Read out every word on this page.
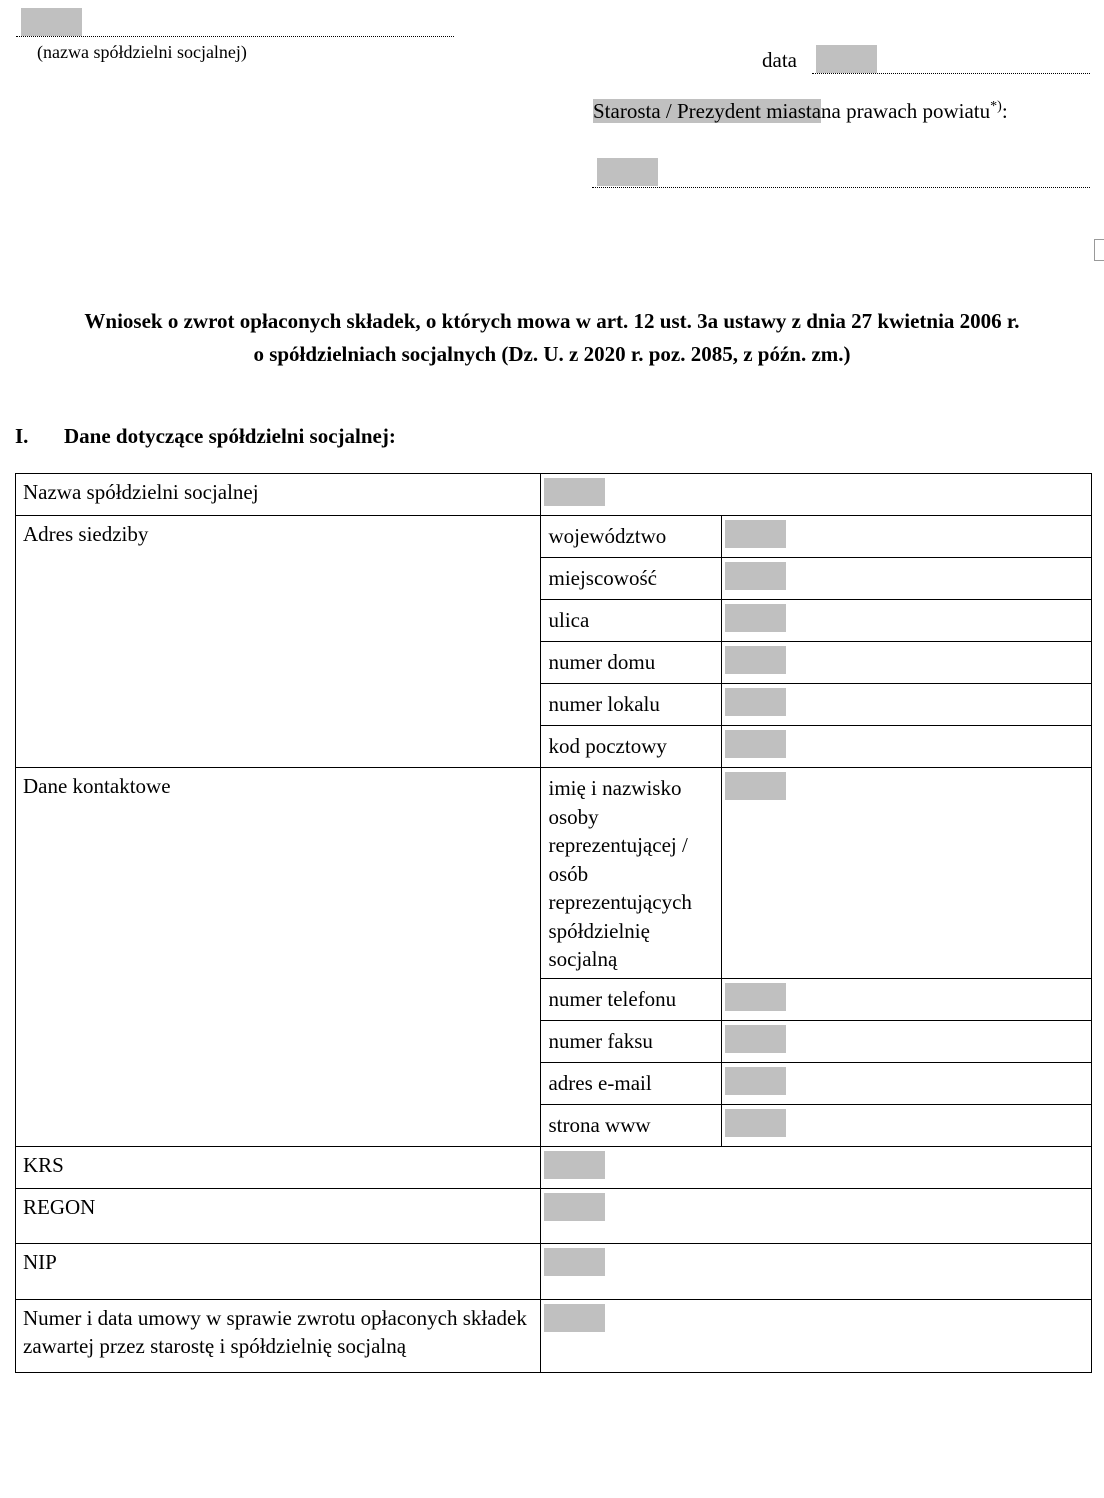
(nazwa spółdzielni socjalnej)	data
Starosta / Prezydent miastana prawach powiatu*):
Wniosek o zwrot opłaconych składek, o których mowa w art. 12 ust. 3a ustawy z dnia 27 kwietnia 2006 r.
o spółdzielniach socjalnych (Dz. U. z 2020 r. poz. 2085, z późn. zm.)
I. Dane dotyczące spółdzielni socjalnej:
Nazwa spółdzielni socjalnej		

Adres siedziby	województwo	

	miejscowość	

	ulica	

	numer domu	

	numer lokalu	

	kod pocztowy	

Dane kontaktowe	imię i nazwisko osoby reprezentującej / osób reprezentujących spółdzielnię socjalną	

	numer telefonu	

	numer faksu	

	adres e-mail	

	strona www	

KRS		

REGON		

NIP		

Numer i data umowy w sprawie zwrotu opłaconych składek zawartej przez starostę i spółdzielnię socjalną		
